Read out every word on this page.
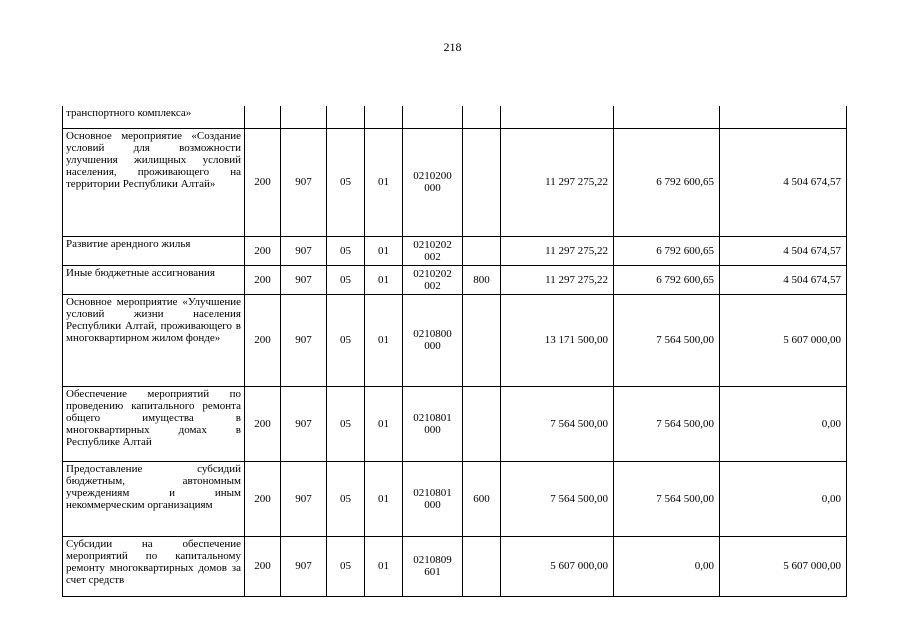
218
транспортного комплекса»									
Основное мероприятие «Создание условий для возможности улучшения жилищных условий населения, проживающего на территории Республики Алтай»	200	907	05	01	0210200 000		11 297 275,22	6 792 600,65	4 504 674,57
Развитие арендного жилья	200	907	05	01	0210202 002		11 297 275,22	6 792 600,65	4 504 674,57
Иные бюджетные ассигнования	200	907	05	01	0210202 002	800	11 297 275,22	6 792 600,65	4 504 674,57
Основное мероприятие «Улучшение условий жизни населения Республики Алтай, проживающего в многоквартирном жилом фонде»	200	907	05	01	0210800 000		13 171 500,00	7 564 500,00	5 607 000,00
Обеспечение мероприятий по проведению капитального ремонта общего имущества в многоквартирных домах в Республике Алтай	200	907	05	01	0210801 000		7 564 500,00	7 564 500,00	0,00
Предоставление субсидий бюджетным, автономным учреждениям и иным некоммерческим организациям	200	907	05	01	0210801 000	600	7 564 500,00	7 564 500,00	0,00
Субсидии на обеспечение мероприятий по капитальному ремонту многоквартирных домов за счет средств	200	907	05	01	0210809 601		5 607 000,00	0,00	5 607 000,00
